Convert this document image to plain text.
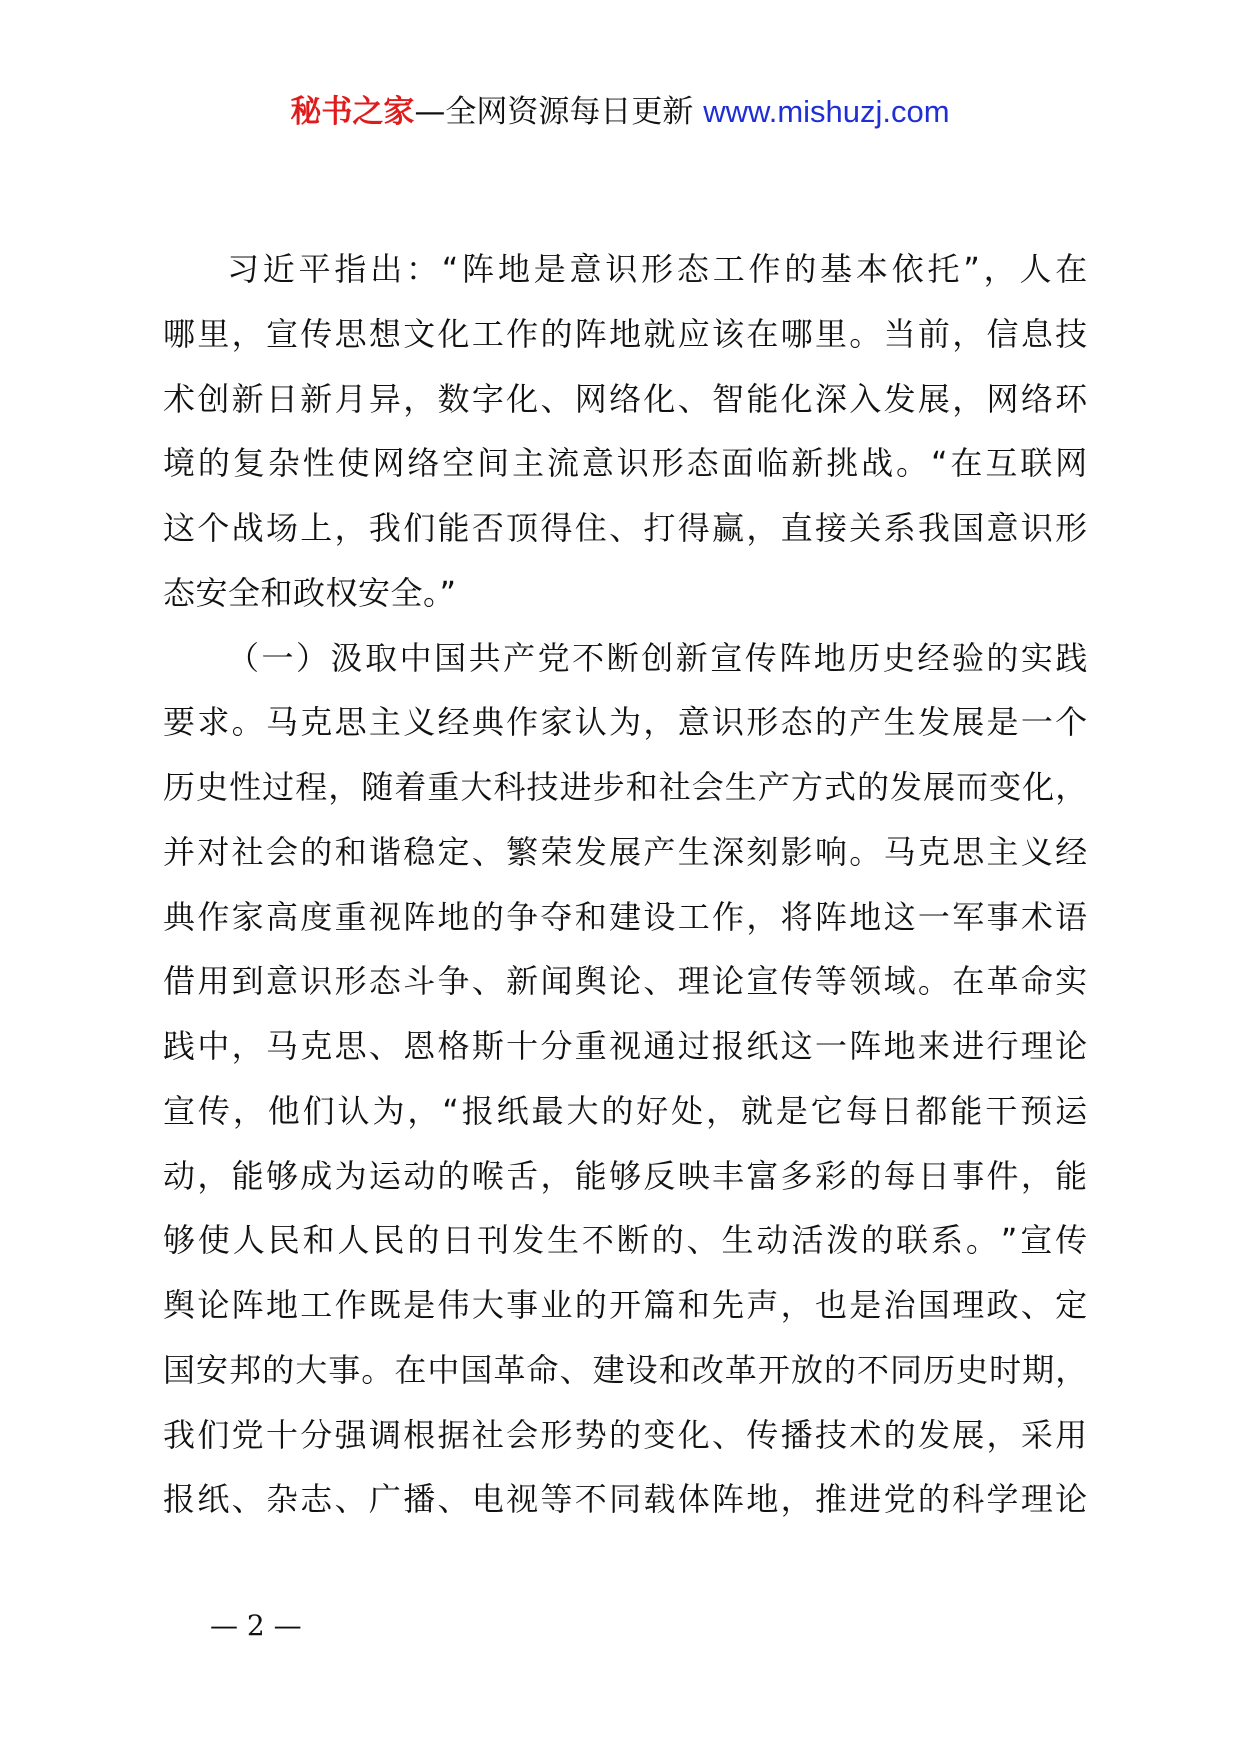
秘书之家—全网资源每日更新 www.mishuzj.com
习 近 平 指 出 ： “ 阵 地 是 意 识 形 态 工 作 的 基 本 依 托 ” ， 人 在
哪 里 ， 宣 传 思 想 文 化 工 作 的 阵 地 就 应 该 在 哪 里 。 当 前 ， 信 息 技
术 创 新 日 新 月 异 ， 数 字 化 、 网 络 化 、 智 能 化 深 入 发 展 ， 网 络 环
境 的 复 杂 性 使 网 络 空 间 主 流 意 识 形 态 面 临 新 挑 战 。 “ 在 互 联 网
这 个 战 场 上 ， 我 们 能 否 顶 得 住 、 打 得 赢 ， 直 接 关 系 我 国 意 识 形
态安全和政权安全。”
（ 一 ） 汲 取 中 国 共 产 党 不 断 创 新 宣 传 阵 地 历 史 经 验 的 实 践
要 求 。 马 克 思 主 义 经 典 作 家 认 为 ， 意 识 形 态 的 产 生 发 展 是 一 个
历 史 性 过 程 ， 随 着 重 大 科 技 进 步 和 社 会 生 产 方 式 的 发 展 而 变 化 ，
并 对 社 会 的 和 谐 稳 定 、 繁 荣 发 展 产 生 深 刻 影 响 。 马 克 思 主 义 经
典 作 家 高 度 重 视 阵 地 的 争 夺 和 建 设 工 作 ， 将 阵 地 这 一 军 事 术 语
借 用 到 意 识 形 态 斗 争 、 新 闻 舆 论 、 理 论 宣 传 等 领 域 。 在 革 命 实
践 中 ， 马 克 思 、 恩 格 斯 十 分 重 视 通 过 报 纸 这 一 阵 地 来 进 行 理 论
宣 传 ， 他 们 认 为 ， “ 报 纸 最 大 的 好 处 ， 就 是 它 每 日 都 能 干 预 运
动 ， 能 够 成 为 运 动 的 喉 舌 ， 能 够 反 映 丰 富 多 彩 的 每 日 事 件 ， 能
够 使 人 民 和 人 民 的 日 刊 发 生 不 断 的 、 生 动 活 泼 的 联 系 。 ” 宣 传
舆 论 阵 地 工 作 既 是 伟 大 事 业 的 开 篇 和 先 声 ， 也 是 治 国 理 政 、 定
国 安 邦 的 大 事 。 在 中 国 革 命 、 建 设 和 改 革 开 放 的 不 同 历 史 时 期 ，
我 们 党 十 分 强 调 根 据 社 会 形 势 的 变 化 、 传 播 技 术 的 发 展 ， 采 用
报 纸 、 杂 志 、 广 播 、 电 视 等 不 同 载 体 阵 地 ， 推 进 党 的 科 学 理 论
— 2 —
